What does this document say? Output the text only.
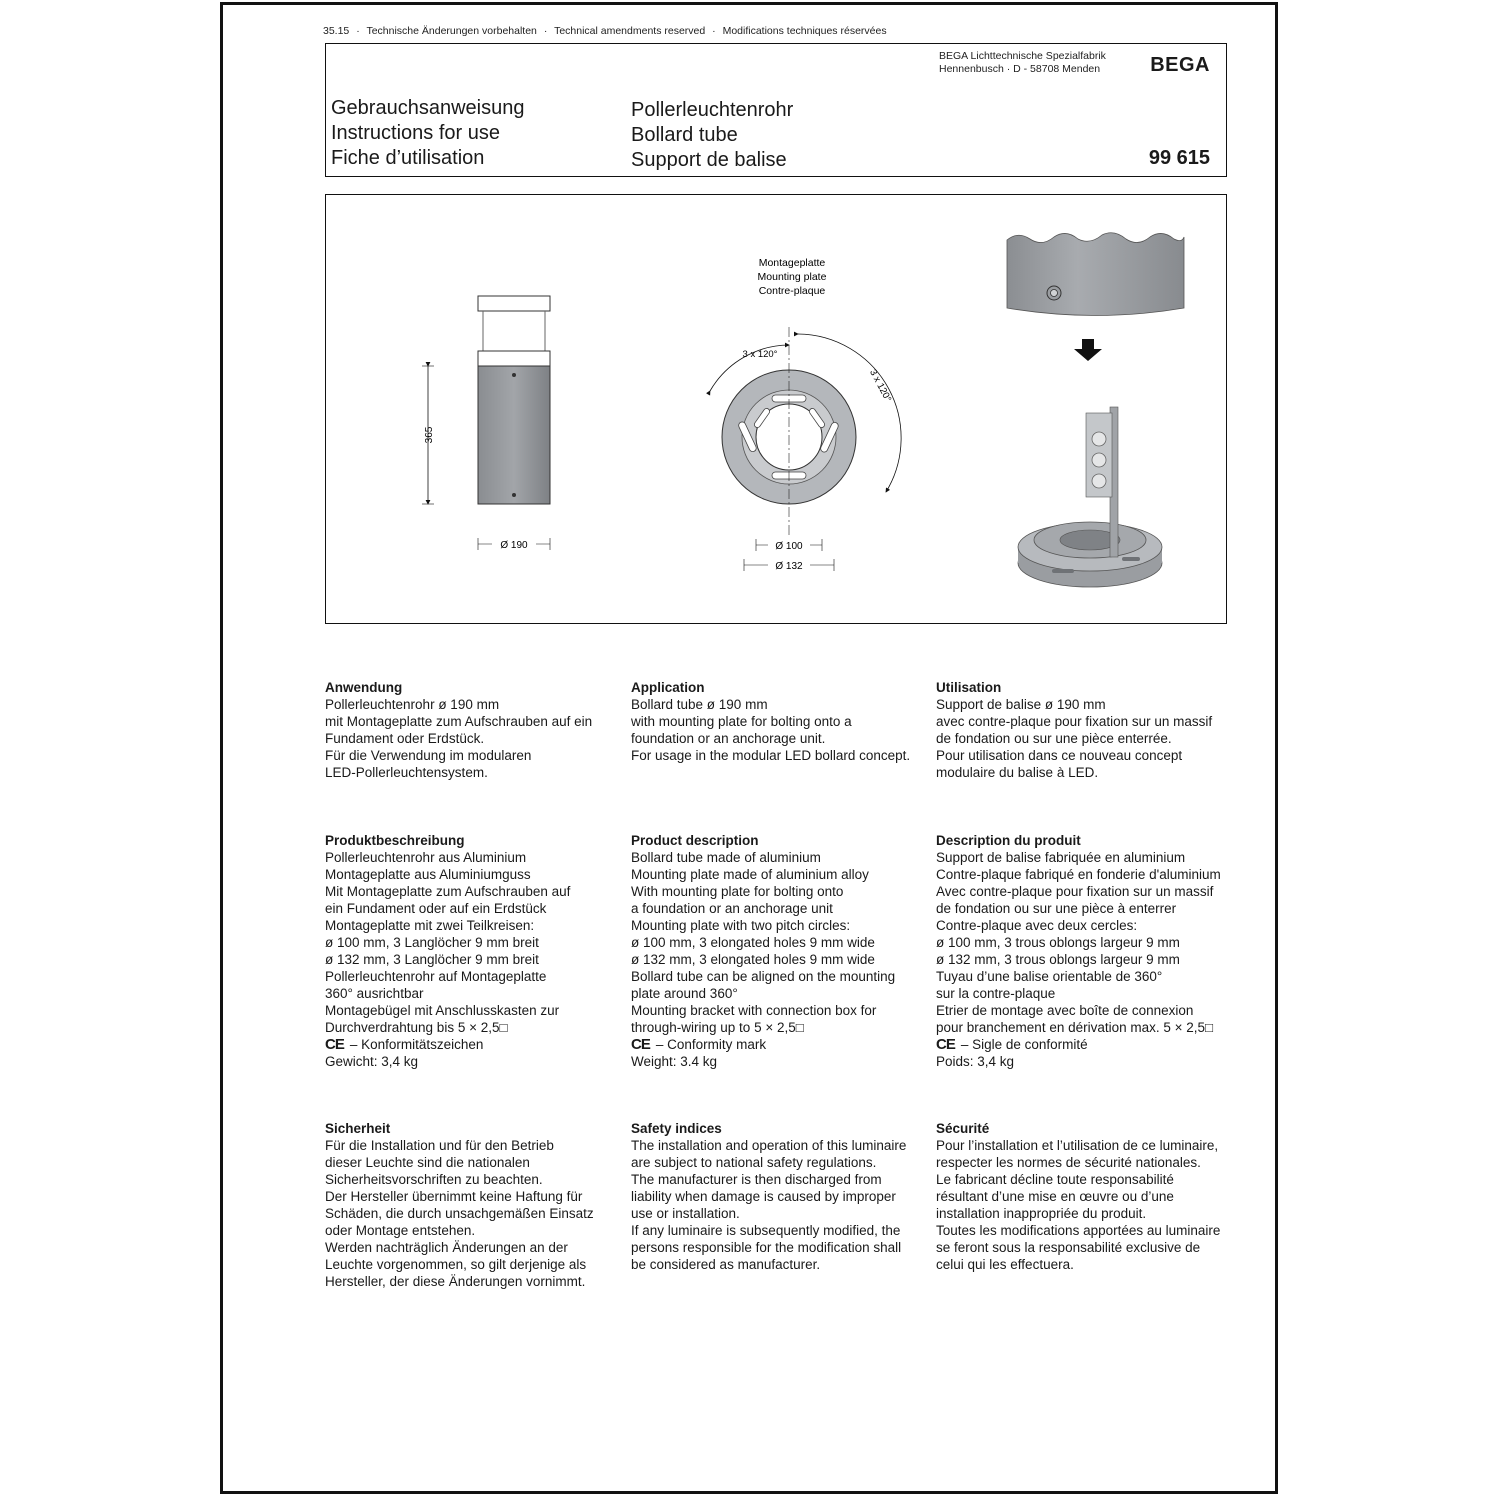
35.15 · Technische Änderungen vorbehalten · Technical amendments reserved · Modifications techniques réservées
BEGA Lichttechnische Spezialfabrik
Hennenbusch · D - 58708 Menden	BEGA
Gebrauchsanweisung
Instructions for use
Fiche d’utilisation
Pollerleuchtenrohr
Bollard tube
Support de balise	99 615
365
Ø 190
Montageplatte
Mounting plate
Contre-plaque
3 x 120°
3 x 120°
Ø 100
Ø 132
Anwendung

Pollerleuchtenrohr ø 190 mm
mit Montageplatte zum Aufschrauben auf ein
Fundament oder Erdstück.
Für die Verwendung im modularen
LED-Pollerleuchtensystem.

Application

Bollard tube ø 190 mm
with mounting plate for bolting onto a
foundation or an anchorage unit.
For usage in the modular LED bollard concept.

Utilisation

Support de balise ø 190 mm
avec contre-plaque pour fixation sur un massif
de fondation ou sur une pièce enterrée.
Pour utilisation dans ce nouveau concept
modulaire du balise à LED.

Produktbeschreibung

Pollerleuchtenrohr aus Aluminium
Montageplatte aus Aluminiumguss
Mit Montageplatte zum Aufschrauben auf
ein Fundament oder auf ein Erdstück
Montageplatte mit zwei Teilkreisen:
ø 100 mm, 3 Langlöcher 9 mm breit
ø 132 mm, 3 Langlöcher 9 mm breit
Pollerleuchtenrohr auf Montageplatte
360° ausrichtbar
Montagebügel mit Anschlusskasten zur
Durchverdrahtung bis 5 × 2,5□

CE – Konformitätszeichen

Gewicht: 3,4 kg

Product description

Bollard tube made of aluminium
Mounting plate made of aluminium alloy
With mounting plate for bolting onto
a foundation or an anchorage unit
Mounting plate with two pitch circles:
ø 100 mm, 3 elongated holes 9 mm wide
ø 132 mm, 3 elongated holes 9 mm wide
Bollard tube can be aligned on the mounting
plate around 360°
Mounting bracket with connection box for
through-wiring up to 5 × 2,5□

CE – Conformity mark

Weight: 3.4 kg

Description du produit

Support de balise fabriquée en aluminium
Contre-plaque fabriqué en fonderie d'aluminium
Avec contre-plaque pour fixation sur un massif
de fondation ou sur une pièce à enterrer
Contre-plaque avec deux cercles:
ø 100 mm, 3 trous oblongs largeur 9 mm
ø 132 mm, 3 trous oblongs largeur 9 mm
Tuyau d’une balise orientable de 360°
sur la contre-plaque
Etrier de montage avec boîte de connexion
pour branchement en dérivation max. 5 × 2,5□

CE – Sigle de conformité

Poids: 3,4 kg

Sicherheit

Für die Installation und für den Betrieb
dieser Leuchte sind die nationalen
Sicherheitsvorschriften zu beachten.
Der Hersteller übernimmt keine Haftung für
Schäden, die durch unsachgemäßen Einsatz
oder Montage entstehen.
Werden nachträglich Änderungen an der
Leuchte vorgenommen, so gilt derjenige als
Hersteller, der diese Änderungen vornimmt.

Safety indices

The installation and operation of this luminaire
are subject to national safety regulations.
The manufacturer is then discharged from
liability when damage is caused by improper
use or installation.
If any luminaire is subsequently modified, the
persons responsible for the modification shall
be considered as manufacturer.

Sécurité

Pour l’installation et l’utilisation de ce luminaire,
respecter les normes de sécurité nationales.
Le fabricant décline toute responsabilité
résultant d’une mise en œuvre ou d’une
installation inappropriée du produit.
Toutes les modifications apportées au luminaire
se feront sous la responsabilité exclusive de
celui qui les effectuera.
